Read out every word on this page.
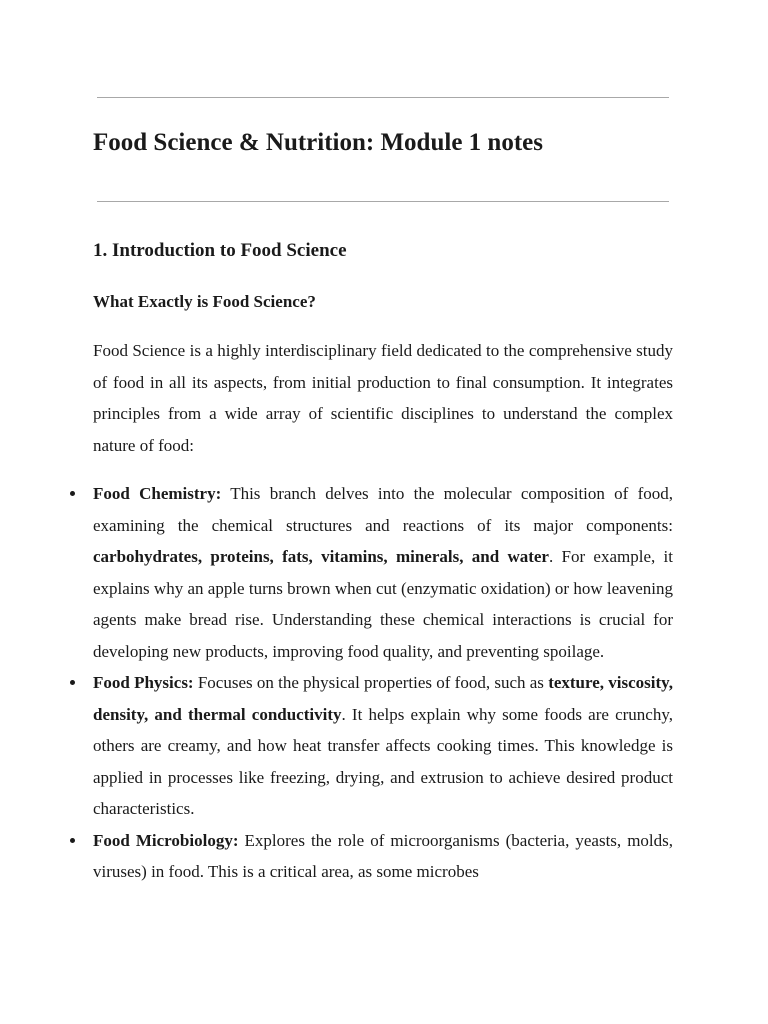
Food Science & Nutrition: Module 1 notes
1. Introduction to Food Science
What Exactly is Food Science?

Food Science is a highly interdisciplinary field dedicated to the comprehensive study of food in all its aspects, from initial production to final consumption. It integrates principles from a wide array of scientific disciplines to understand the complex nature of food:

Food Chemistry: This branch delves into the molecular composition of food, examining the chemical structures and reactions of its major components: carbohydrates, proteins, fats, vitamins, minerals, and water. For example, it explains why an apple turns brown when cut (enzymatic oxidation) or how leavening agents make bread rise. Understanding these chemical interactions is crucial for developing new products, improving food quality, and preventing spoilage.
Food Physics: Focuses on the physical properties of food, such as texture, viscosity, density, and thermal conductivity. It helps explain why some foods are crunchy, others are creamy, and how heat transfer affects cooking times. This knowledge is applied in processes like freezing, drying, and extrusion to achieve desired product characteristics.
Food Microbiology: Explores the role of microorganisms (bacteria, yeasts, molds, viruses) in food. This is a critical area, as some microbes
